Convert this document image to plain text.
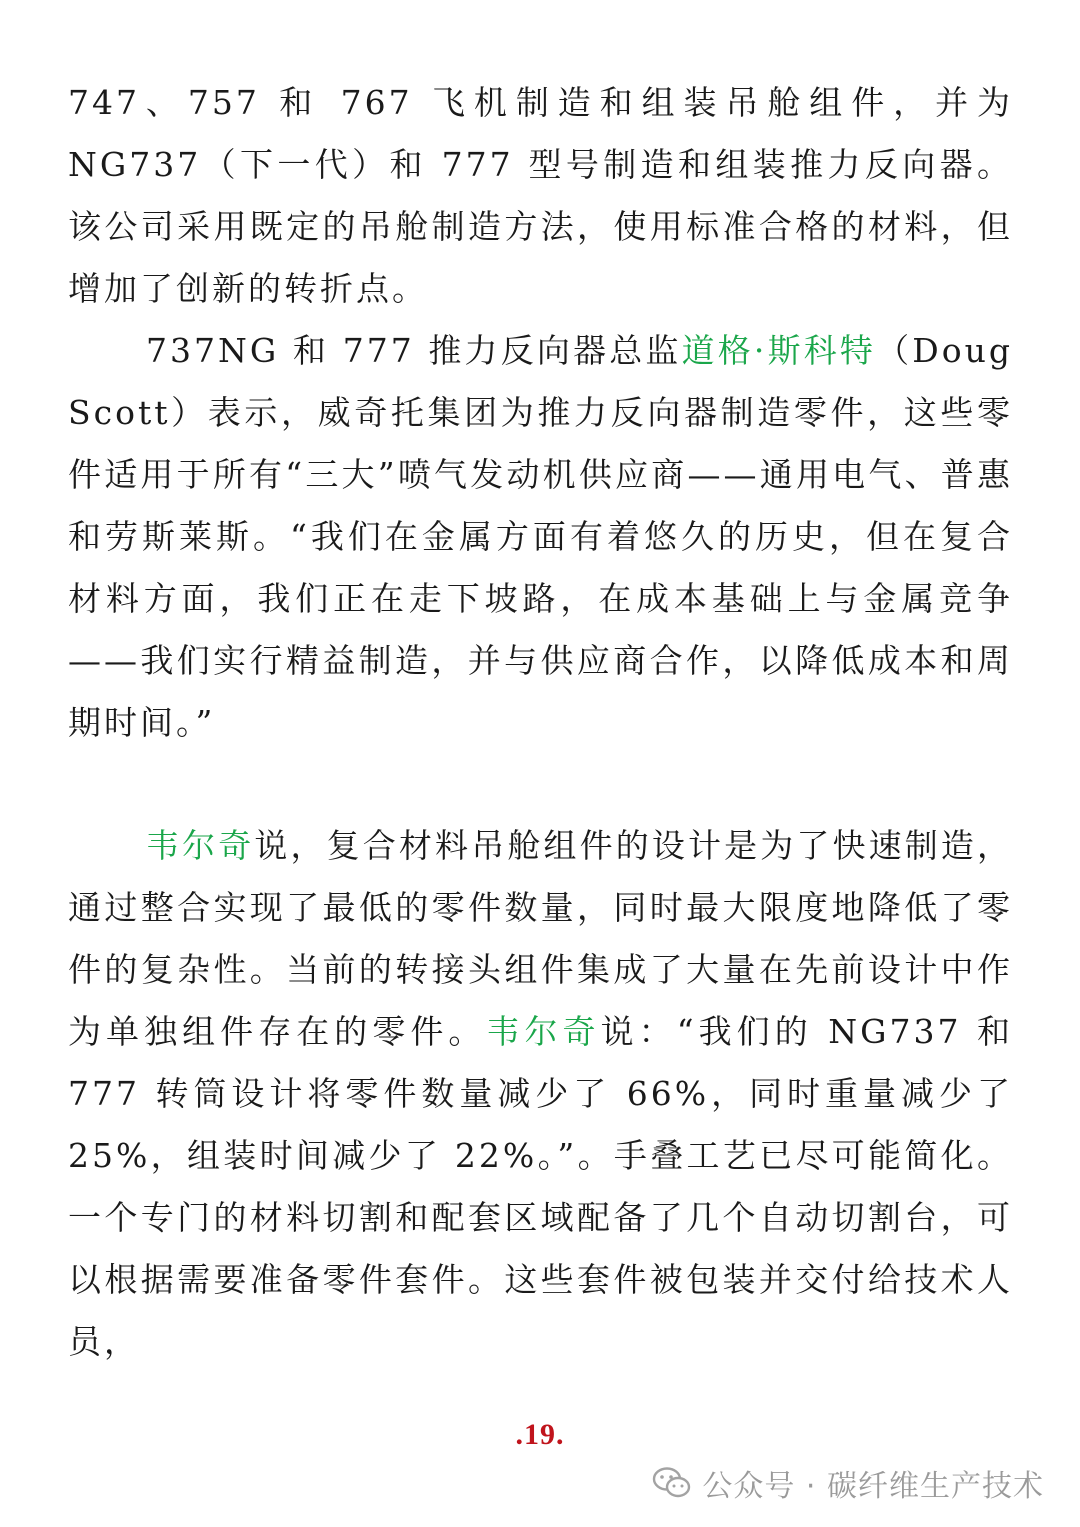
747、757 和 767 飞机制造和组装吊舱组件，并为 NG737（下一代）和 777 型号制造和组装推力反向器。该公司采用既定的吊舱制造方法，使用标准合格的材料，但增加了创新的转折点。

737NG 和 777 推力反向器总监道格·斯科特（Doug Scott）表示，威奇托集团为推力反向器制造零件，这些零件适用于所有“三大”喷气发动机供应商——通用电气、普惠和劳斯莱斯。“我们在金属方面有着悠久的历史，但在复合材料方面，我们正在走下坡路，在成本基础上与金属竞争——我们实行精益制造，并与供应商合作，以降低成本和周期时间。”

韦尔奇说，复合材料吊舱组件的设计是为了快速制造，通过整合实现了最低的零件数量，同时最大限度地降低了零件的复杂性。当前的转接头组件集成了大量在先前设计中作为单独组件存在的零件。韦尔奇说：“我们的 NG737 和 777 转筒设计将零件数量减少了 66%，同时重量减少了 25%，组装时间减少了 22%。”。手叠工艺已尽可能简化。一个专门的材料切割和配套区域配备了几个自动切割台，可以根据需要准备零件套件。这些套件被包装并交付给技术人员，

.19.
公众号 · 碳纤维生产技术
